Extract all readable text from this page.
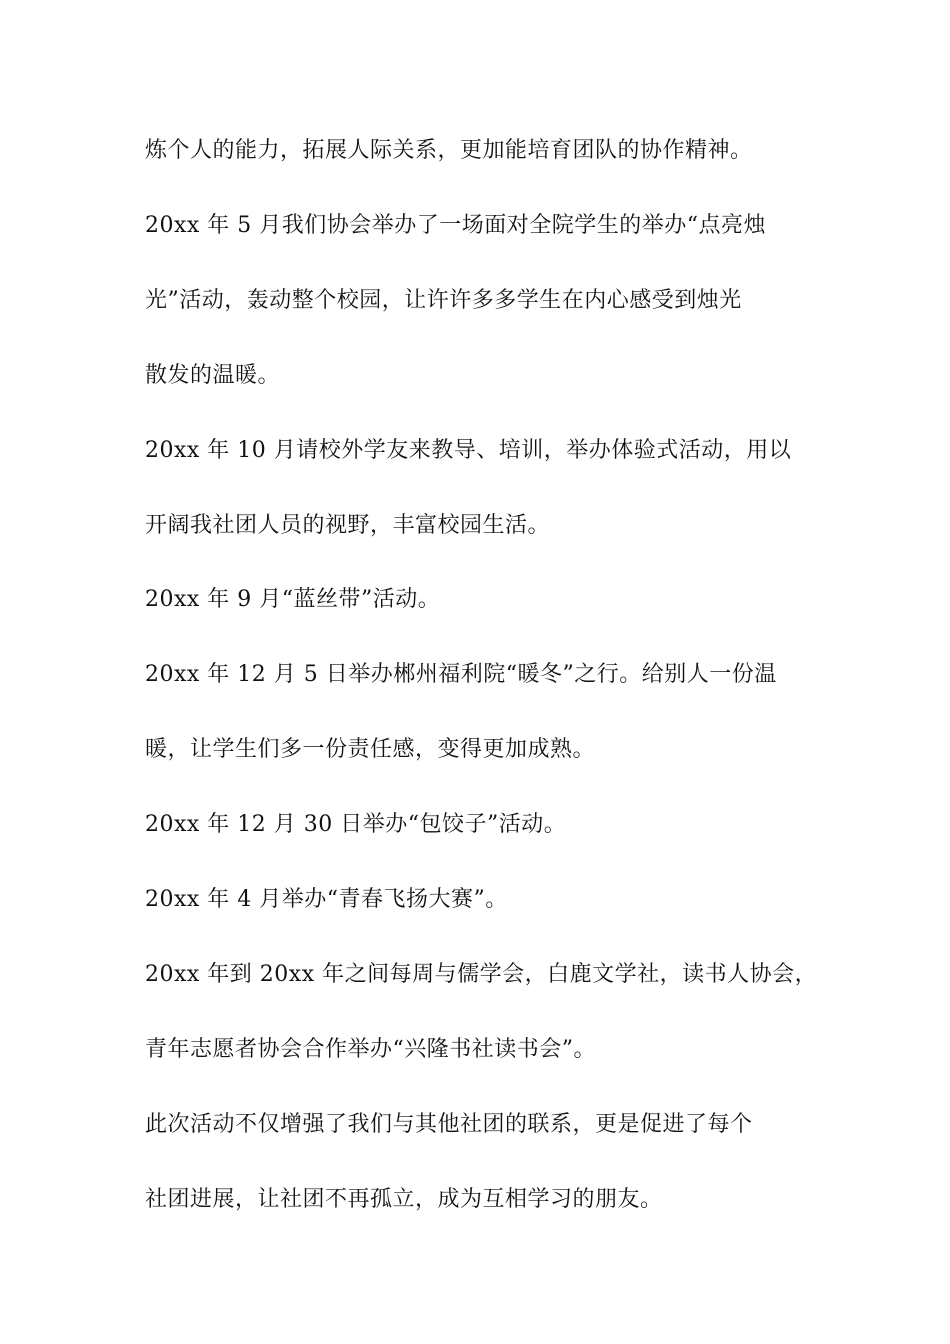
炼个人的能力，拓展人际关系，更加能培育团队的协作精神。
20xx 年 5 月我们协会举办了一场面对全院学生的举办“点亮烛
光”活动，轰动整个校园，让许许多多学生在内心感受到烛光
散发的温暖。
20xx 年 10 月请校外学友来教导、培训，举办体验式活动，用以
开阔我社团人员的视野，丰富校园生活。
20xx 年 9 月“蓝丝带”活动。
20xx 年 12 月 5 日举办郴州福利院“暖冬”之行。给别人一份温
暖，让学生们多一份责任感，变得更加成熟。
20xx 年 12 月 30 日举办“包饺子”活动。
20xx 年 4 月举办“青春飞扬大赛”。
20xx 年到 20xx 年之间每周与儒学会，白鹿文学社，读书人协会，
青年志愿者协会合作举办“兴隆书社读书会”。
此次活动不仅增强了我们与其他社团的联系，更是促进了每个
社团进展，让社团不再孤立，成为互相学习的朋友。
